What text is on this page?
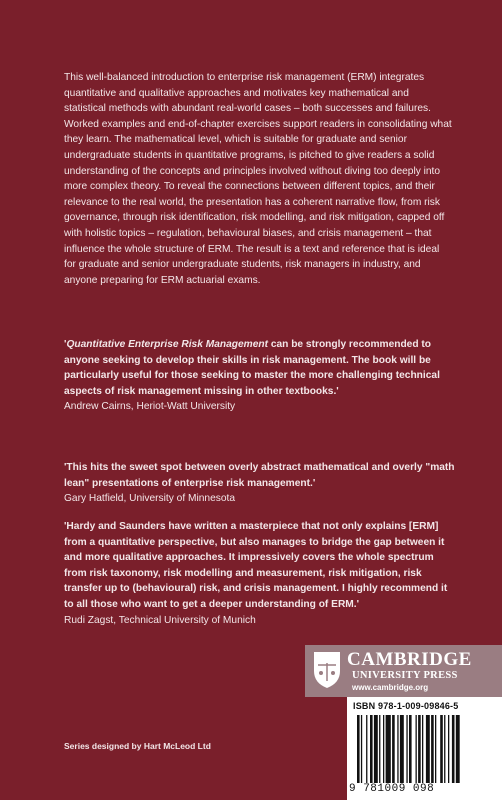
This well-balanced introduction to enterprise risk management (ERM) integrates quantitative and qualitative approaches and motivates key mathematical and statistical methods with abundant real-world cases – both successes and failures. Worked examples and end-of-chapter exercises support readers in consolidating what they learn. The mathematical level, which is suitable for graduate and senior undergraduate students in quantitative programs, is pitched to give readers a solid understanding of the concepts and principles involved without diving too deeply into more complex theory. To reveal the connections between different topics, and their relevance to the real world, the presentation has a coherent narrative flow, from risk governance, through risk identification, risk modelling, and risk mitigation, capped off with holistic topics – regulation, behavioural biases, and crisis management – that influence the whole structure of ERM. The result is a text and reference that is ideal for graduate and senior undergraduate students, risk managers in industry, and anyone preparing for ERM actuarial exams.

'Quantitative Enterprise Risk Management can be strongly recommended to anyone seeking to develop their skills in risk management. The book will be particularly useful for those seeking to master the more challenging technical aspects of risk management missing in other textbooks.'
Andrew Cairns, Heriot-Watt University
'This hits the sweet spot between overly abstract mathematical and overly "math lean" presentations of enterprise risk management.'
Gary Hatfield, University of Minnesota
'Hardy and Saunders have written a masterpiece that not only explains [ERM] from a quantitative perspective, but also manages to bridge the gap between it and more qualitative approaches. It impressively covers the whole spectrum from risk taxonomy, risk modelling and measurement, risk mitigation, risk transfer up to (behavioural) risk, and crisis management. I highly recommend it to all those who want to get a deeper understanding of ERM.'
Rudi Zagst, Technical University of Munich
Series designed by Hart McLeod Ltd
CAMBRIDGE
UNIVERSITY PRESS
www.cambridge.org
ISBN 978-1-009-09846-5
9 781009 098
